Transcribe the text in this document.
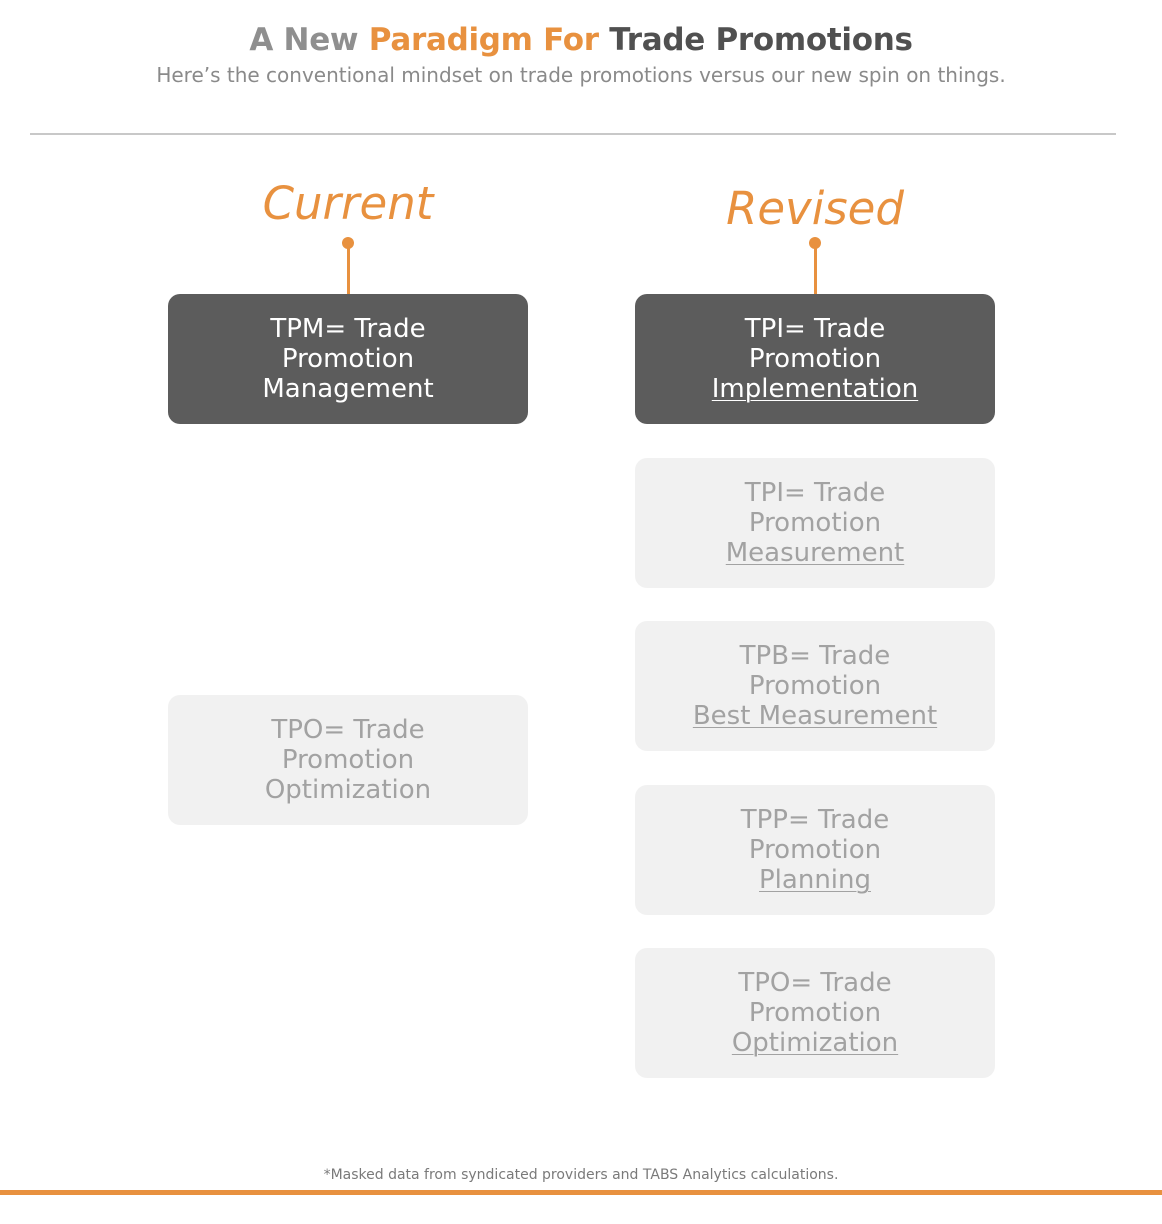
A New Paradigm For Trade Promotions
Here’s the conventional mindset on trade promotions versus our new spin on things.
Current
TPM= Trade
Promotion
Management
TPO= Trade
Promotion
Optimization
Revised
TPI= Trade
Promotion
Implementation
TPI= Trade
Promotion
Measurement
TPB= Trade
Promotion
Best Measurement
TPP= Trade
Promotion
Planning
TPO= Trade
Promotion
Optimization
*Masked data from syndicated providers and TABS Analytics calculations.
